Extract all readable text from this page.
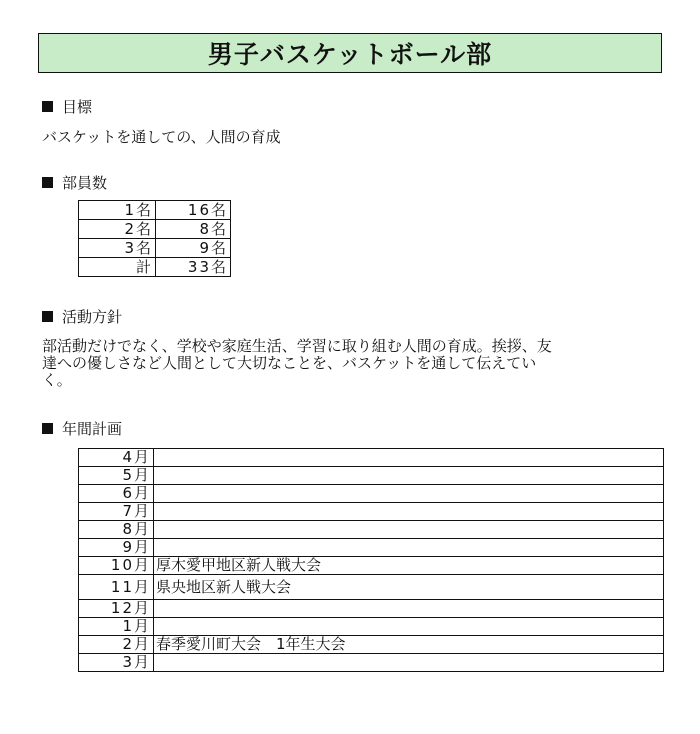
男子バスケットボール部
目標
バスケットを通しての、人間の育成
部員数
1名	16名
2名	8名
3名	9名
計	33名
活動方針
部活動だけでなく、学校や家庭生活、学習に取り組む人間の育成。挨拶、友
達への優しさなど人間として大切なことを、バスケットを通して伝えてい
く。
年間計画
4月	
5月	
6月	
7月	
8月	
9月	
10月	厚木愛甲地区新人戦大会
11月	県央地区新人戦大会
12月	
1月	
2月	春季愛川町大会　1年生大会
3月	
